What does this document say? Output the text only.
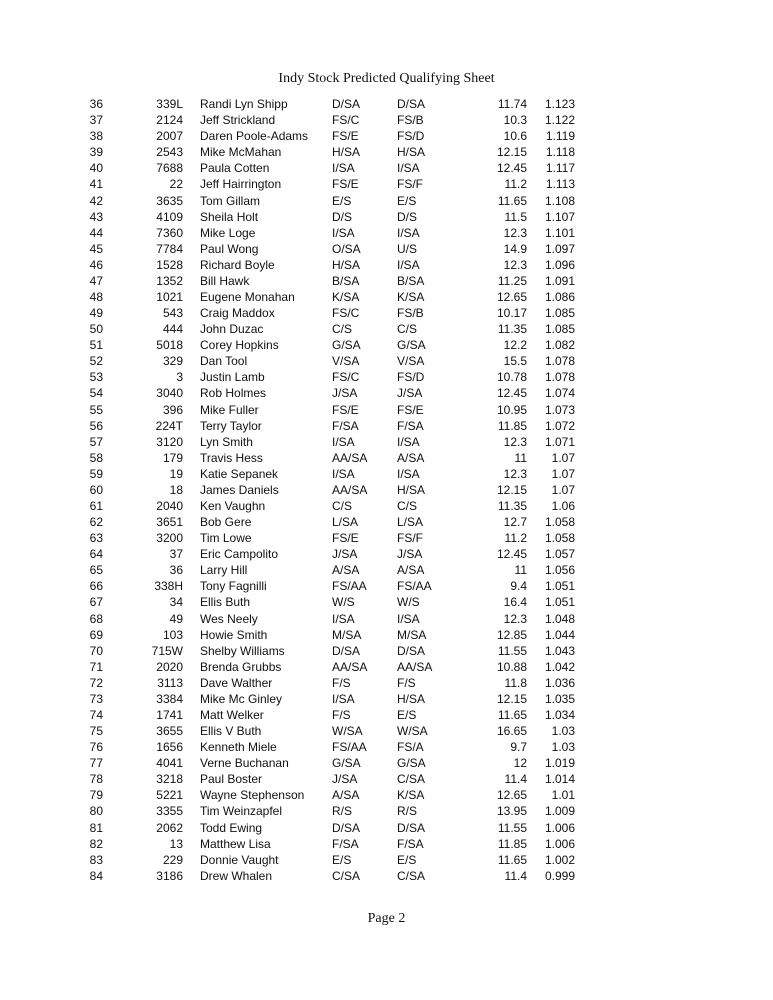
Indy Stock Predicted Qualifying Sheet
36	339L	Randi Lyn Shipp	D/SA	D/SA	11.74	1.123
37	2124	Jeff Strickland	FS/C	FS/B	10.3	1.122
38	2007	Daren Poole-Adams	FS/E	FS/D	10.6	1.119
39	2543	Mike McMahan	H/SA	H/SA	12.15	1.118
40	7688	Paula Cotten	I/SA	I/SA	12.45	1.117
41	22	Jeff Hairrington	FS/E	FS/F	11.2	1.113
42	3635	Tom Gillam	E/S	E/S	11.65	1.108
43	4109	Sheila Holt	D/S	D/S	11.5	1.107
44	7360	Mike Loge	I/SA	I/SA	12.3	1.101
45	7784	Paul Wong	O/SA	U/S	14.9	1.097
46	1528	Richard Boyle	H/SA	I/SA	12.3	1.096
47	1352	Bill Hawk	B/SA	B/SA	11.25	1.091
48	1021	Eugene Monahan	K/SA	K/SA	12.65	1.086
49	543	Craig Maddox	FS/C	FS/B	10.17	1.085
50	444	John Duzac	C/S	C/S	11.35	1.085
51	5018	Corey Hopkins	G/SA	G/SA	12.2	1.082
52	329	Dan Tool	V/SA	V/SA	15.5	1.078
53	3	Justin Lamb	FS/C	FS/D	10.78	1.078
54	3040	Rob Holmes	J/SA	J/SA	12.45	1.074
55	396	Mike Fuller	FS/E	FS/E	10.95	1.073
56	224T	Terry Taylor	F/SA	F/SA	11.85	1.072
57	3120	Lyn Smith	I/SA	I/SA	12.3	1.071
58	179	Travis Hess	AA/SA	A/SA	11	1.07
59	19	Katie Sepanek	I/SA	I/SA	12.3	1.07
60	18	James Daniels	AA/SA	H/SA	12.15	1.07
61	2040	Ken Vaughn	C/S	C/S	11.35	1.06
62	3651	Bob Gere	L/SA	L/SA	12.7	1.058
63	3200	Tim Lowe	FS/E	FS/F	11.2	1.058
64	37	Eric Campolito	J/SA	J/SA	12.45	1.057
65	36	Larry Hill	A/SA	A/SA	11	1.056
66	338H	Tony Fagnilli	FS/AA	FS/AA	9.4	1.051
67	34	Ellis Buth	W/S	W/S	16.4	1.051
68	49	Wes Neely	I/SA	I/SA	12.3	1.048
69	103	Howie Smith	M/SA	M/SA	12.85	1.044
70	715W	Shelby Williams	D/SA	D/SA	11.55	1.043
71	2020	Brenda Grubbs	AA/SA	AA/SA	10.88	1.042
72	3113	Dave Walther	F/S	F/S	11.8	1.036
73	3384	Mike Mc Ginley	I/SA	H/SA	12.15	1.035
74	1741	Matt Welker	F/S	E/S	11.65	1.034
75	3655	Ellis V Buth	W/SA	W/SA	16.65	1.03
76	1656	Kenneth Miele	FS/AA	FS/A	9.7	1.03
77	4041	Verne Buchanan	G/SA	G/SA	12	1.019
78	3218	Paul Boster	J/SA	C/SA	11.4	1.014
79	5221	Wayne Stephenson	A/SA	K/SA	12.65	1.01
80	3355	Tim Weinzapfel	R/S	R/S	13.95	1.009
81	2062	Todd Ewing	D/SA	D/SA	11.55	1.006
82	13	Matthew Lisa	F/SA	F/SA	11.85	1.006
83	229	Donnie Vaught	E/S	E/S	11.65	1.002
84	3186	Drew Whalen	C/SA	C/SA	11.4	0.999
Page 2
